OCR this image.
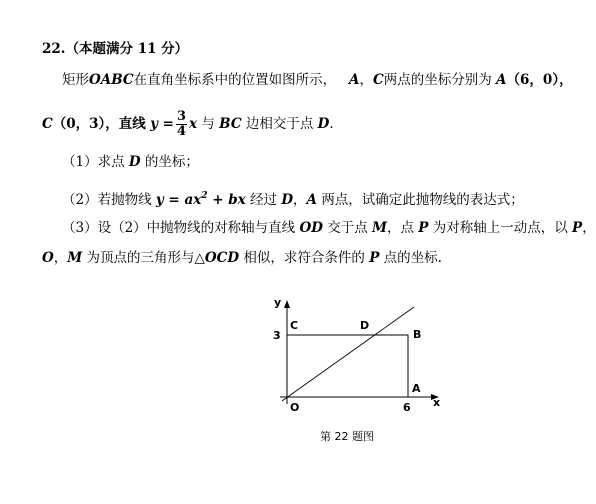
22.（本题满分 11 分）
矩形OABC在直角坐标系中的位置如图所示， A，C两点的坐标分别为 A（6，0），
C（0，3），直线 $y = \frac{3}{4}$ x 与 BC 边相交于点 D.
（1）求点 D 的坐标；
（2）若抛物线 $y = ax^2$ + bx 经过 D，A 两点，试确定此抛物线的表达式；
（3）设（2）中抛物线的对称轴与直线 OD 交于点 M，点 P 为对称轴上一动点，以 P，
O，M 为顶点的三角形与△OCD 相似，求符合条件的 P 点的坐标.
y
x
C	D
B
A
3
O	6
第 22 题图
